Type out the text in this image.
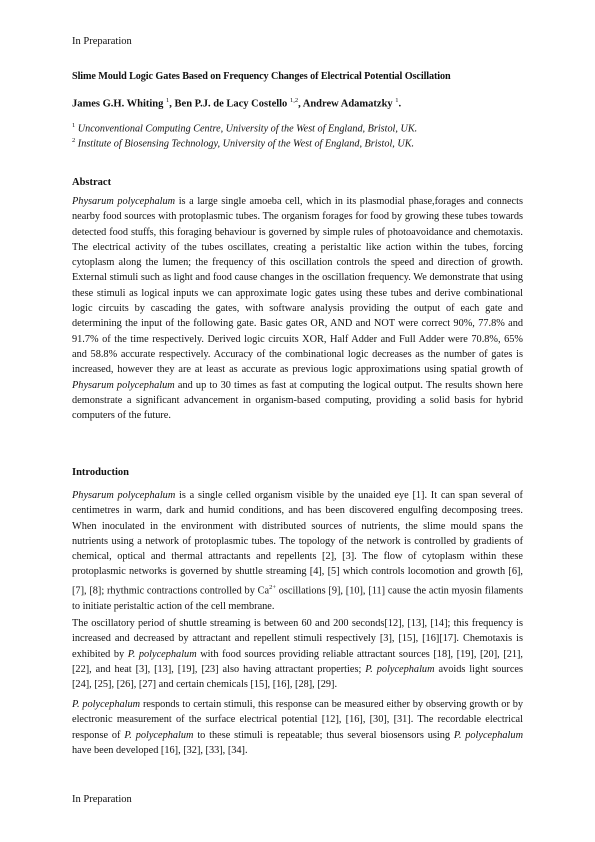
In Preparation
Slime Mould Logic Gates Based on Frequency Changes of Electrical Potential Oscillation
James G.H. Whiting $^1$, Ben P.J. de Lacy Costello $^{1,2}$, Andrew Adamatzky $^1$.
$^1$ Unconventional Computing Centre, University of the West of England, Bristol, UK.
$^2$ Institute of Biosensing Technology, University of the West of England, Bristol, UK.
Abstract

Physarum polycephalum is a large single amoeba cell, which in its plasmodial phase,forages and connects nearby food sources with protoplasmic tubes. The organism forages for food by growing these tubes towards detected food stuffs, this foraging behaviour is governed by simple rules of photoavoidance and chemotaxis. The electrical activity of the tubes oscillates, creating a peristaltic like action within the tubes, forcing cytoplasm along the lumen; the frequency of this oscillation controls the speed and direction of growth. External stimuli such as light and food cause changes in the oscillation frequency. We demonstrate that using these stimuli as logical inputs we can approximate logic gates using these tubes and derive combinational logic circuits by cascading the gates, with software analysis providing the output of each gate and determining the input of the following gate. Basic gates OR, AND and NOT were correct 90%, 77.8% and 91.7% of the time respectively. Derived logic circuits XOR, Half Adder and Full Adder were 70.8%, 65% and 58.8% accurate respectively. Accuracy of the combinational logic decreases as the number of gates is increased, however they are at least as accurate as previous logic approximations using spatial growth of Physarum polycephalum and up to 30 times as fast at computing the logical output. The results shown here demonstrate a significant advancement in organism-based computing, providing a solid basis for hybrid computers of the future.

Introduction

Physarum polycephalum is a single celled organism visible by the unaided eye [1]. It can span several of centimetres in warm, dark and humid conditions, and has been discovered engulfing decomposing trees. When inoculated in the environment with distributed sources of nutrients, the slime mould spans the nutrients using a network of protoplasmic tubes. The topology of the network is controlled by gradients of chemical, optical and thermal attractants and repellents [2], [3]. The flow of cytoplasm within these protoplasmic networks is governed by shuttle streaming [4], [5] which controls locomotion and growth [6], [7], [8]; rhythmic contractions controlled by $Ca^{2+}$ oscillations [9], [10], [11] cause the actin myosin filaments to initiate peristaltic action of the cell membrane.

The oscillatory period of shuttle streaming is between 60 and 200 seconds[12], [13], [14]; this frequency is increased and decreased by attractant and repellent stimuli respectively [3], [15], [16][17]. Chemotaxis is exhibited by P. polycephalum with food sources providing reliable attractant sources [18], [19], [20], [21], [22], and heat [3], [13], [19], [23] also having attractant properties; P. polycephalum avoids light sources [24], [25], [26], [27] and certain chemicals [15], [16], [28], [29].

P. polycephalum responds to certain stimuli, this response can be measured either by observing growth or by electronic measurement of the surface electrical potential [12], [16], [30], [31]. The recordable electrical response of P. polycephalum to these stimuli is repeatable; thus several biosensors using P. polycephalum have been developed [16], [32], [33], [34].

In Preparation
